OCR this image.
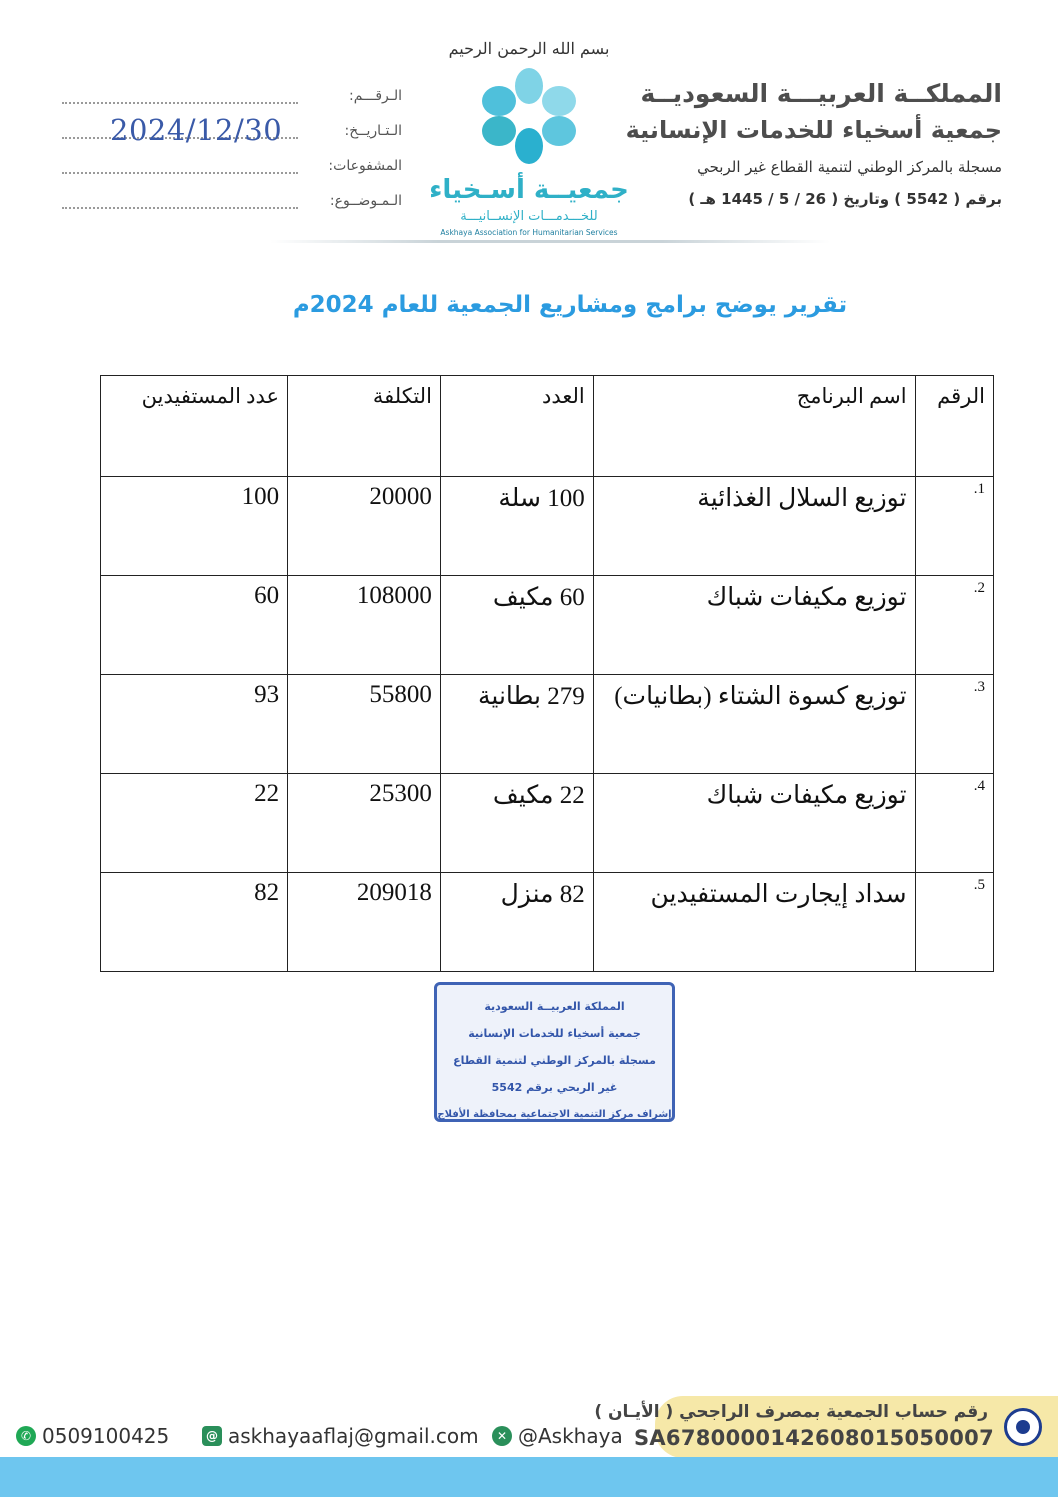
المملكــة العربيـــة السعوديــة
جمعية أسخياء للخدمات الإنسانية
مسجلة بالمركز الوطني لتنمية القطاع غير الربحي
برقم ( 5542 ) وتاريخ ( 26 / 5 / 1445 هـ )
بسم الله الرحمن الرحيم
جمعيــة أسـخياء
للخـــدمـــات الإنســانيـــة
Askhaya Association for Humanitarian Services
الـرقـــم:
الـتـاريــخ:
2024/12/30
المشفوعات:
الـمـوضــوع:
تقرير يوضح برامج ومشاريع الجمعية للعام 2024م
الرقم	اسم البرنامج	العدد	التكلفة	عدد المستفيدين
1.	توزيع السلال الغذائية	100 سلة	20000	100
2.	توزيع مكيفات شباك	60 مكيف	108000	60
3.	توزيع كسوة الشتاء (بطانيات)	279 بطانية	55800	93
4.	توزيع مكيفات شباك	22 مكيف	25300	22
5.	سداد إيجارت المستفيدين	82 منزل	209018	82
المملكة العربيــة السعودية
جمعية أسخياء للخدمات الإنسانية
مسجلة بالمركز الوطني لتنمية القطاع
غير الربحي برقم 5542
إشراف مركز التنمية الاجتماعية بمحافظة الأفلاج
✆ 0509100425	@ askhayaaflaj@gmail.com	✕ @Askhaya
رقم حساب الجمعية بمصرف الراجحي ( الأيـان )
SA6780000142608015050007
